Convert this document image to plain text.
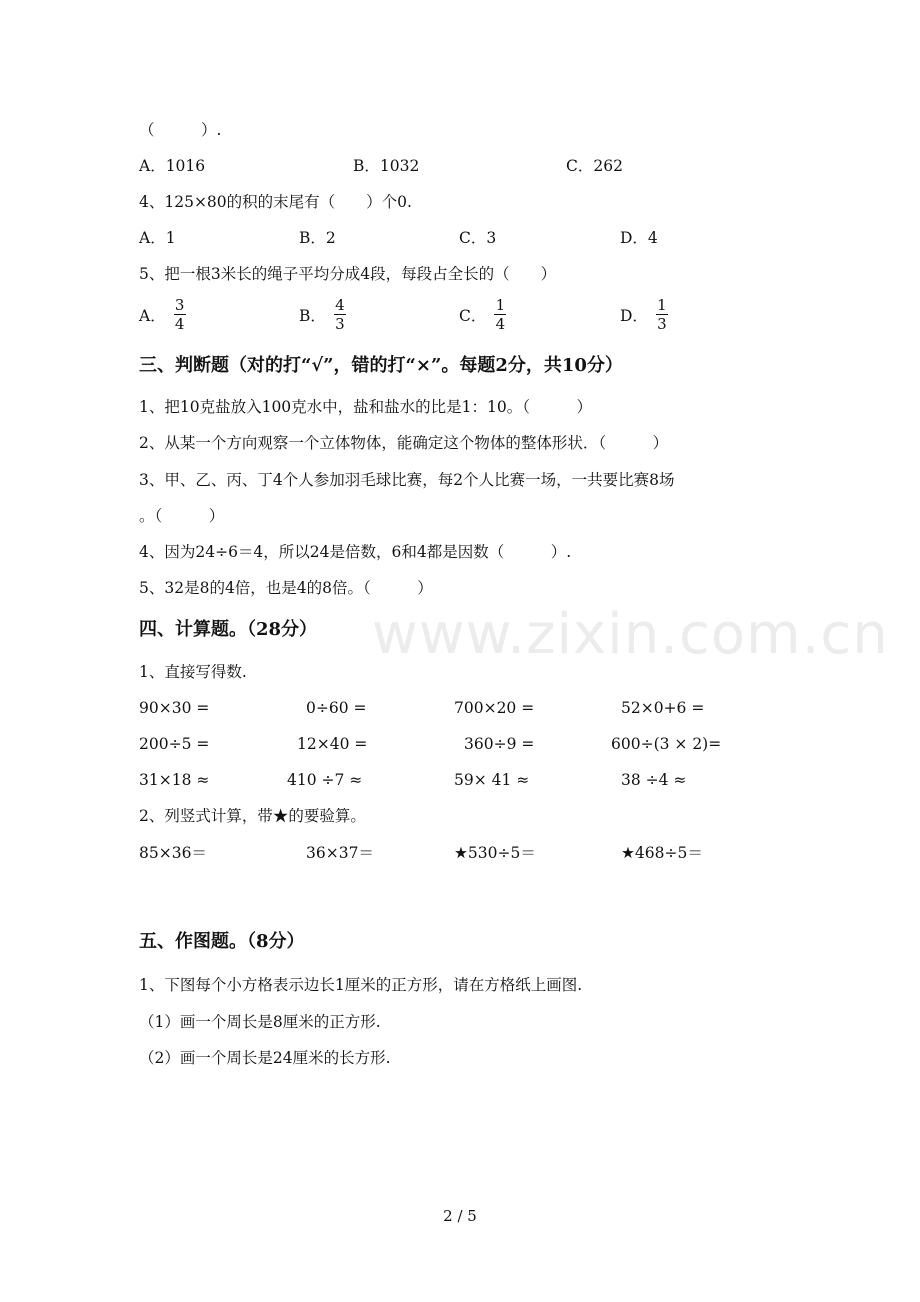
www.zixin.com.cn
（　　　）.
A．1016	B．1032	C．262
4、125×80的积的末尾有（　　）个0.
A．1	B．2	C．3	D．4
5、把一根3米长的绳子平均分成4段，每段占全长的（　　）
A． $\frac{3}{4}$	B． $\frac{4}{3}$	C． $\frac{1}{4}$	D． $\frac{1}{3}$
三、判断题（对的打“√”，错的打“×”。每题2分，共10分）
1、把10克盐放入100克水中，盐和盐水的比是1：10。（　　　）
2、从某一个方向观察一个立体物体，能确定这个物体的整体形状．（　　　）
3、甲、乙、丙、丁4个人参加羽毛球比赛，每2个人比赛一场，一共要比赛8场
。（　　　）
4、因为24÷6＝4，所以24是倍数，6和4都是因数（　　　）.
5、32是8的4倍，也是4的8倍。（　　　）
四、计算题。（28分）
1、直接写得数.
90×30 =	0÷60 =	700×20 =	52×0+6 =
200÷5 =	12×40 =	360÷9 =	600÷(3 × 2)=
31×18 ≈	410 ÷7 ≈	59× 41 ≈	38 ÷4 ≈
2、列竖式计算，带★的要验算。
85×36＝	36×37＝	★530÷5＝	★468÷5＝
五、作图题。（8分）
1、下图每个小方格表示边长1厘米的正方形，请在方格纸上画图.
（1）画一个周长是8厘米的正方形.
（2）画一个周长是24厘米的长方形.
2 / 5
